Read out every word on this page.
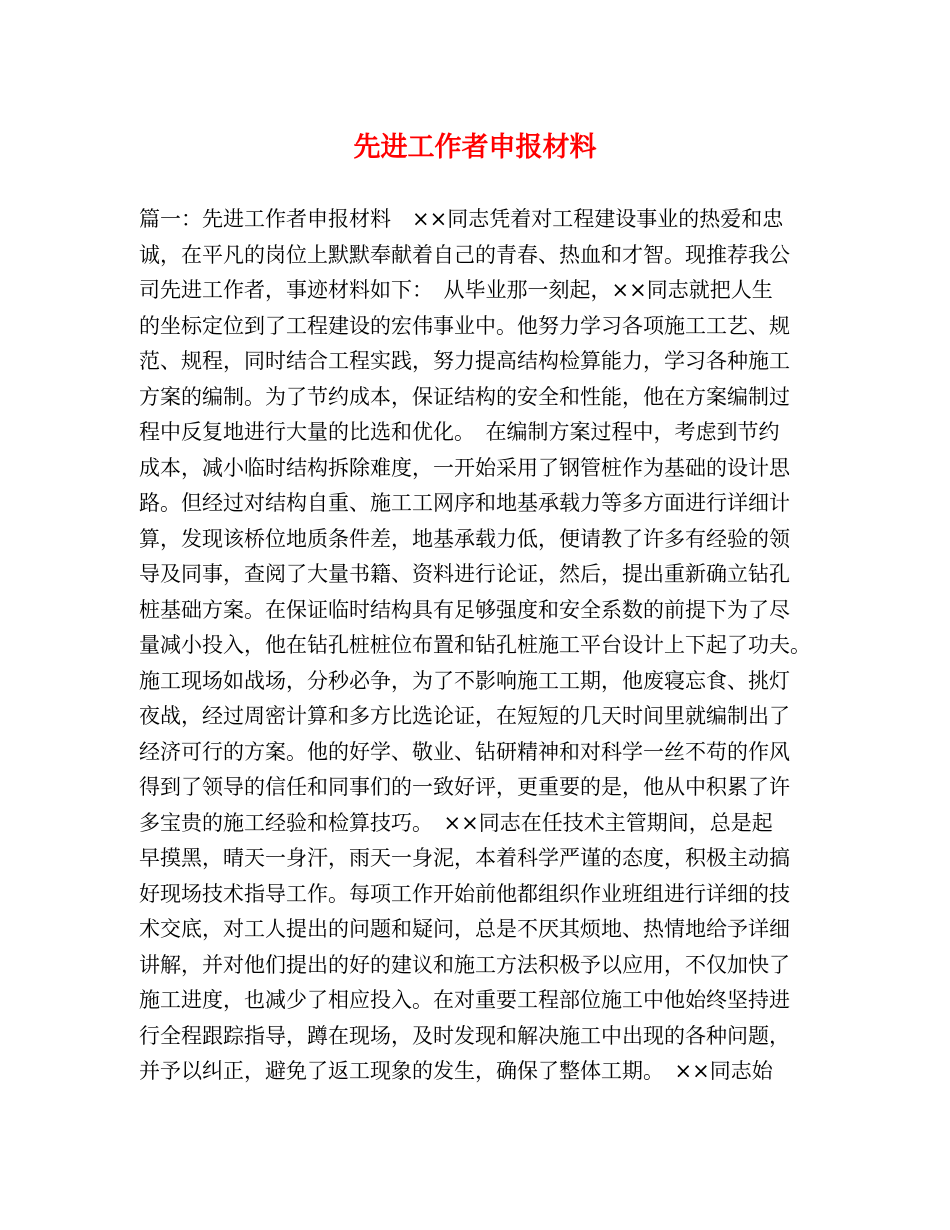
先进工作者申报材料
篇一：先进工作者申报材料　××同志凭着对工程建设事业的热爱和忠
诚，在平凡的岗位上默默奉献着自己的青春、热血和才智。现推荐我公
司先进工作者，事迹材料如下：　从毕业那一刻起，××同志就把人生
的坐标定位到了工程建设的宏伟事业中。他努力学习各项施工工艺、规
范、规程，同时结合工程实践，努力提高结构检算能力，学习各种施工
方案的编制。为了节约成本，保证结构的安全和性能，他在方案编制过
程中反复地进行大量的比选和优化。　在编制方案过程中，考虑到节约
成本，减小临时结构拆除难度，一开始采用了钢管桩作为基础的设计思
路。但经过对结构自重、施工工网序和地基承载力等多方面进行详细计
算，发现该桥位地质条件差，地基承载力低，便请教了许多有经验的领
导及同事，查阅了大量书籍、资料进行论证，然后，提出重新确立钻孔
桩基础方案。在保证临时结构具有足够强度和安全系数的前提下为了尽
量减小投入，他在钻孔桩桩位布置和钻孔桩施工平台设计上下起了功夫。
施工现场如战场，分秒必争，为了不影响施工工期，他废寝忘食、挑灯
夜战，经过周密计算和多方比选论证，在短短的几天时间里就编制出了
经济可行的方案。他的好学、敬业、钻研精神和对科学一丝不苟的作风
得到了领导的信任和同事们的一致好评，更重要的是，他从中积累了许
多宝贵的施工经验和检算技巧。　××同志在任技术主管期间，总是起
早摸黑，晴天一身汗，雨天一身泥，本着科学严谨的态度，积极主动搞
好现场技术指导工作。每项工作开始前他都组织作业班组进行详细的技
术交底，对工人提出的问题和疑问，总是不厌其烦地、热情地给予详细
讲解，并对他们提出的好的建议和施工方法积极予以应用，不仅加快了
施工进度，也减少了相应投入。在对重要工程部位施工中他始终坚持进
行全程跟踪指导，蹲在现场，及时发现和解决施工中出现的各种问题，
并予以纠正，避免了返工现象的发生，确保了整体工期。　××同志始
